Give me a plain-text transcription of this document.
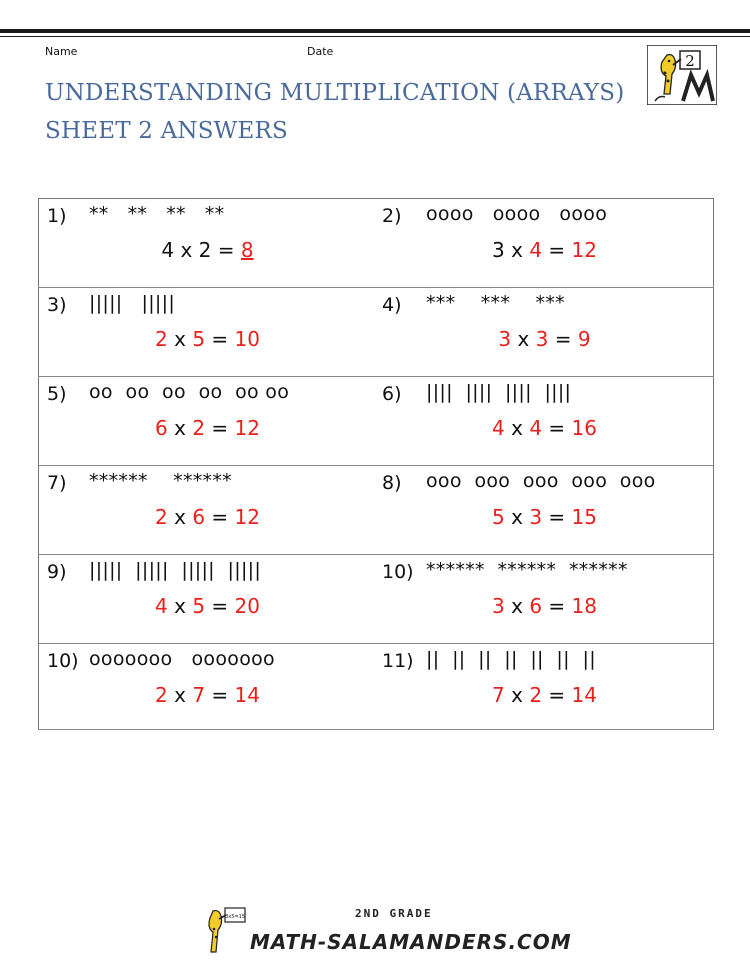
Name	Date
UNDERSTANDING MULTIPLICATION (ARRAYS)
SHEET 2 ANSWERS
2
1) **   **   **   **
4 x 2 = 8	2) oooo   oooo   oooo
3 x 4 = 12

3) |||||   |||||
2 x 5 = 10	4) ***    ***    ***
3 x 3 = 9

5) oo  oo  oo  oo  oo oo
6 x 2 = 12	6) ||||  ||||  ||||  ||||
4 x 4 = 16

7) ******    ******
2 x 6 = 12	8) ooo  ooo  ooo  ooo  ooo
5 x 3 = 15

9) |||||  |||||  |||||  |||||
4 x 5 = 20	10) ******  ******  ******
3 x 6 = 18

10) ooooooo   ooooooo
2 x 7 = 14	11) ||  ||  ||  ||  ||  ||  ||
7 x 2 = 14
3x5=15	2ND GRADE
MATH-SALAMANDERS.COM
